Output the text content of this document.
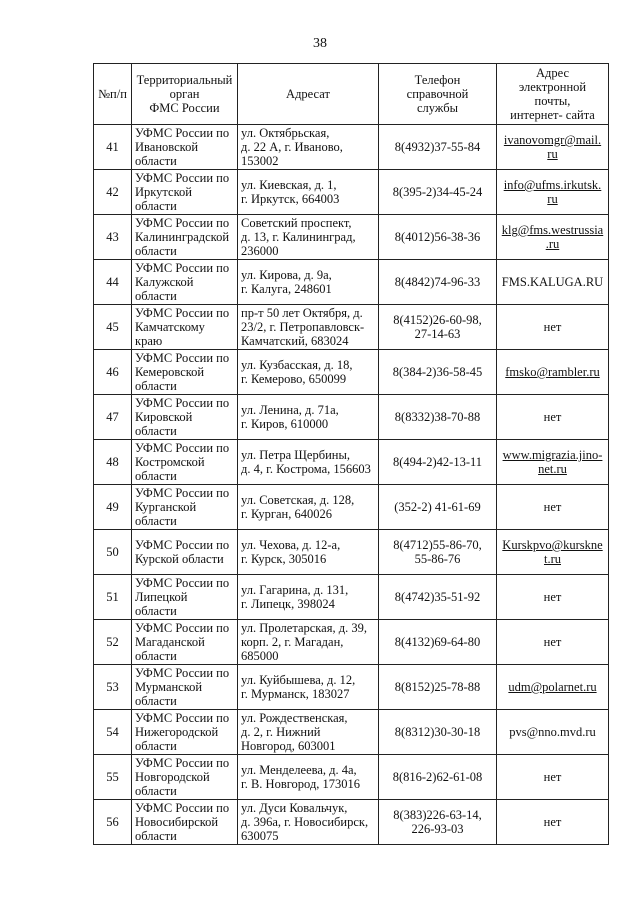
38
№п/п	Территориальный
орган
ФМС России	Адресат	Телефон
справочной
службы	Адрес
электронной
почты,
интернет- сайта
41	УФМС России по
Ивановской
области	ул. Октябрьская,
д. 22 А, г. Иваново,
153002	8(4932)37-55-84	ivanovomgr@mail.
ru
42	УФМС России по
Иркутской
области	ул. Киевская, д. 1,
г. Иркутск, 664003	8(395-2)34-45-24	info@ufms.irkutsk.
ru
43	УФМС России по
Калининградской
области	Советский проспект,
д. 13, г. Калининград,
236000	8(4012)56-38-36	klg@fms.westrussia
.ru
44	УФМС России по
Калужской
области	ул. Кирова, д. 9а,
г. Калуга, 248601	8(4842)74-96-33	FMS.KALUGA.RU
45	УФМС России по
Камчатскому
краю	пр-т 50 лет Октября, д.
23/2, г. Петропавловск-
Камчатский, 683024	8(4152)26-60-98,
27-14-63	нет
46	УФМС России по
Кемеровской
области	ул. Кузбасская, д. 18,
г. Кемерово, 650099	8(384-2)36-58-45	fmsko@rambler.ru
47	УФМС России по
Кировской
области	ул. Ленина, д. 71а,
г. Киров, 610000	8(8332)38-70-88	нет
48	УФМС России по
Костромской
области	ул. Петра Щербины,
д. 4, г. Кострома, 156603	8(494-2)42-13-11	www.migrazia.jino-
net.ru
49	УФМС России по
Курганской
области	ул. Советская, д. 128,
г. Курган, 640026	(352-2) 41-61-69	нет
50	УФМС России по
Курской области	ул. Чехова, д. 12-а,
г. Курск, 305016	8(4712)55-86-70,
55-86-76	Kurskpvo@kurskne
t.ru
51	УФМС России по
Липецкой
области	ул. Гагарина, д. 131,
г. Липецк, 398024	8(4742)35-51-92	нет
52	УФМС России по
Магаданской
области	ул. Пролетарская, д. 39,
корп. 2, г. Магадан,
685000	8(4132)69-64-80	нет
53	УФМС России по
Мурманской
области	ул. Куйбышева, д. 12,
г. Мурманск, 183027	8(8152)25-78-88	udm@polarnet.ru
54	УФМС России по
Нижегородской
области	ул. Рождественская,
д. 2, г. Нижний
Новгород, 603001	8(8312)30-30-18	pvs@nno.mvd.ru
55	УФМС России по
Новгородской
области	ул. Менделеева, д. 4а,
г. В. Новгород, 173016	8(816-2)62-61-08	нет
56	УФМС России по
Новосибирской
области	ул. Дуси Ковальчук,
д. 396а, г. Новосибирск,
630075	8(383)226-63-14,
226-93-03	нет
